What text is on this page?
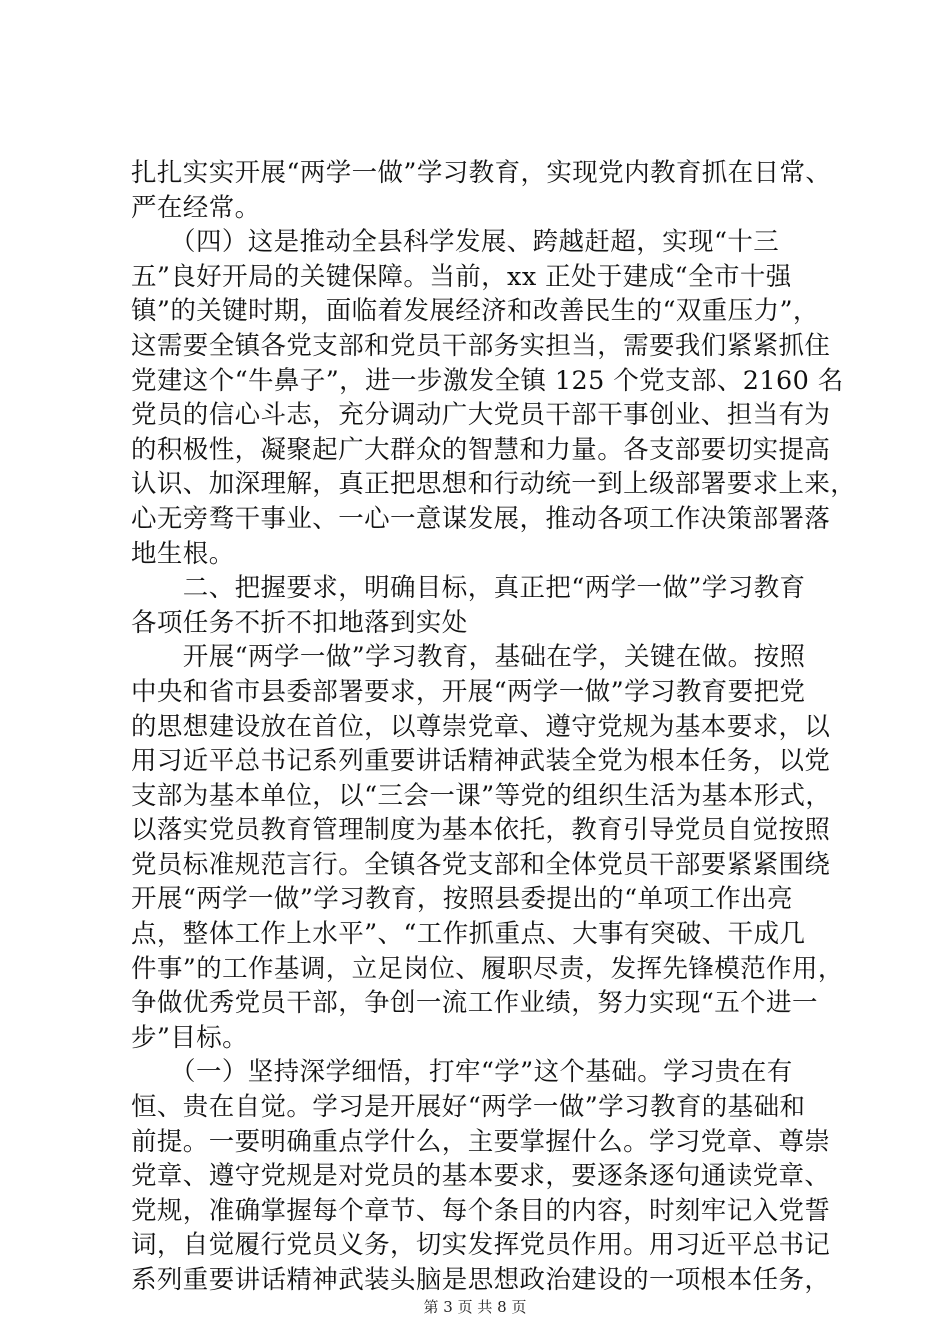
扎扎实实开展“两学一做”学习教育，实现党内教育抓在日常、
严在经常。
　　（四）这是推动全县科学发展、跨越赶超，实现“十三
五”良好开局的关键保障。当前，xx 正处于建成“全市十强
镇”的关键时期，面临着发展经济和改善民生的“双重压力”，
这需要全镇各党支部和党员干部务实担当，需要我们紧紧抓住
党建这个“牛鼻子”，进一步激发全镇 125 个党支部、2160 名
党员的信心斗志，充分调动广大党员干部干事创业、担当有为
的积极性，凝聚起广大群众的智慧和力量。各支部要切实提高
认识、加深理解，真正把思想和行动统一到上级部署要求上来，
心无旁骛干事业、一心一意谋发展，推动各项工作决策部署落
地生根。
　　二、把握要求，明确目标，真正把“两学一做”学习教育
各项任务不折不扣地落到实处
　　开展“两学一做”学习教育，基础在学，关键在做。按照
中央和省市县委部署要求，开展“两学一做”学习教育要把党
的思想建设放在首位，以尊崇党章、遵守党规为基本要求，以
用习近平总书记系列重要讲话精神武装全党为根本任务，以党
支部为基本单位，以“三会一课”等党的组织生活为基本形式，
以落实党员教育管理制度为基本依托，教育引导党员自觉按照
党员标准规范言行。全镇各党支部和全体党员干部要紧紧围绕
开展“两学一做”学习教育，按照县委提出的“单项工作出亮
点，整体工作上水平”、“工作抓重点、大事有突破、干成几
件事”的工作基调，立足岗位、履职尽责，发挥先锋模范作用，
争做优秀党员干部，争创一流工作业绩，努力实现“五个进一
步”目标。
　　（一）坚持深学细悟，打牢“学”这个基础。学习贵在有
恒、贵在自觉。学习是开展好“两学一做”学习教育的基础和
前提。一要明确重点学什么，主要掌握什么。学习党章、尊崇
党章、遵守党规是对党员的基本要求，要逐条逐句通读党章、
党规，准确掌握每个章节、每个条目的内容，时刻牢记入党誓
词，自觉履行党员义务，切实发挥党员作用。用习近平总书记
系列重要讲话精神武装头脑是思想政治建设的一项根本任务，
第 3 页 共 8 页
